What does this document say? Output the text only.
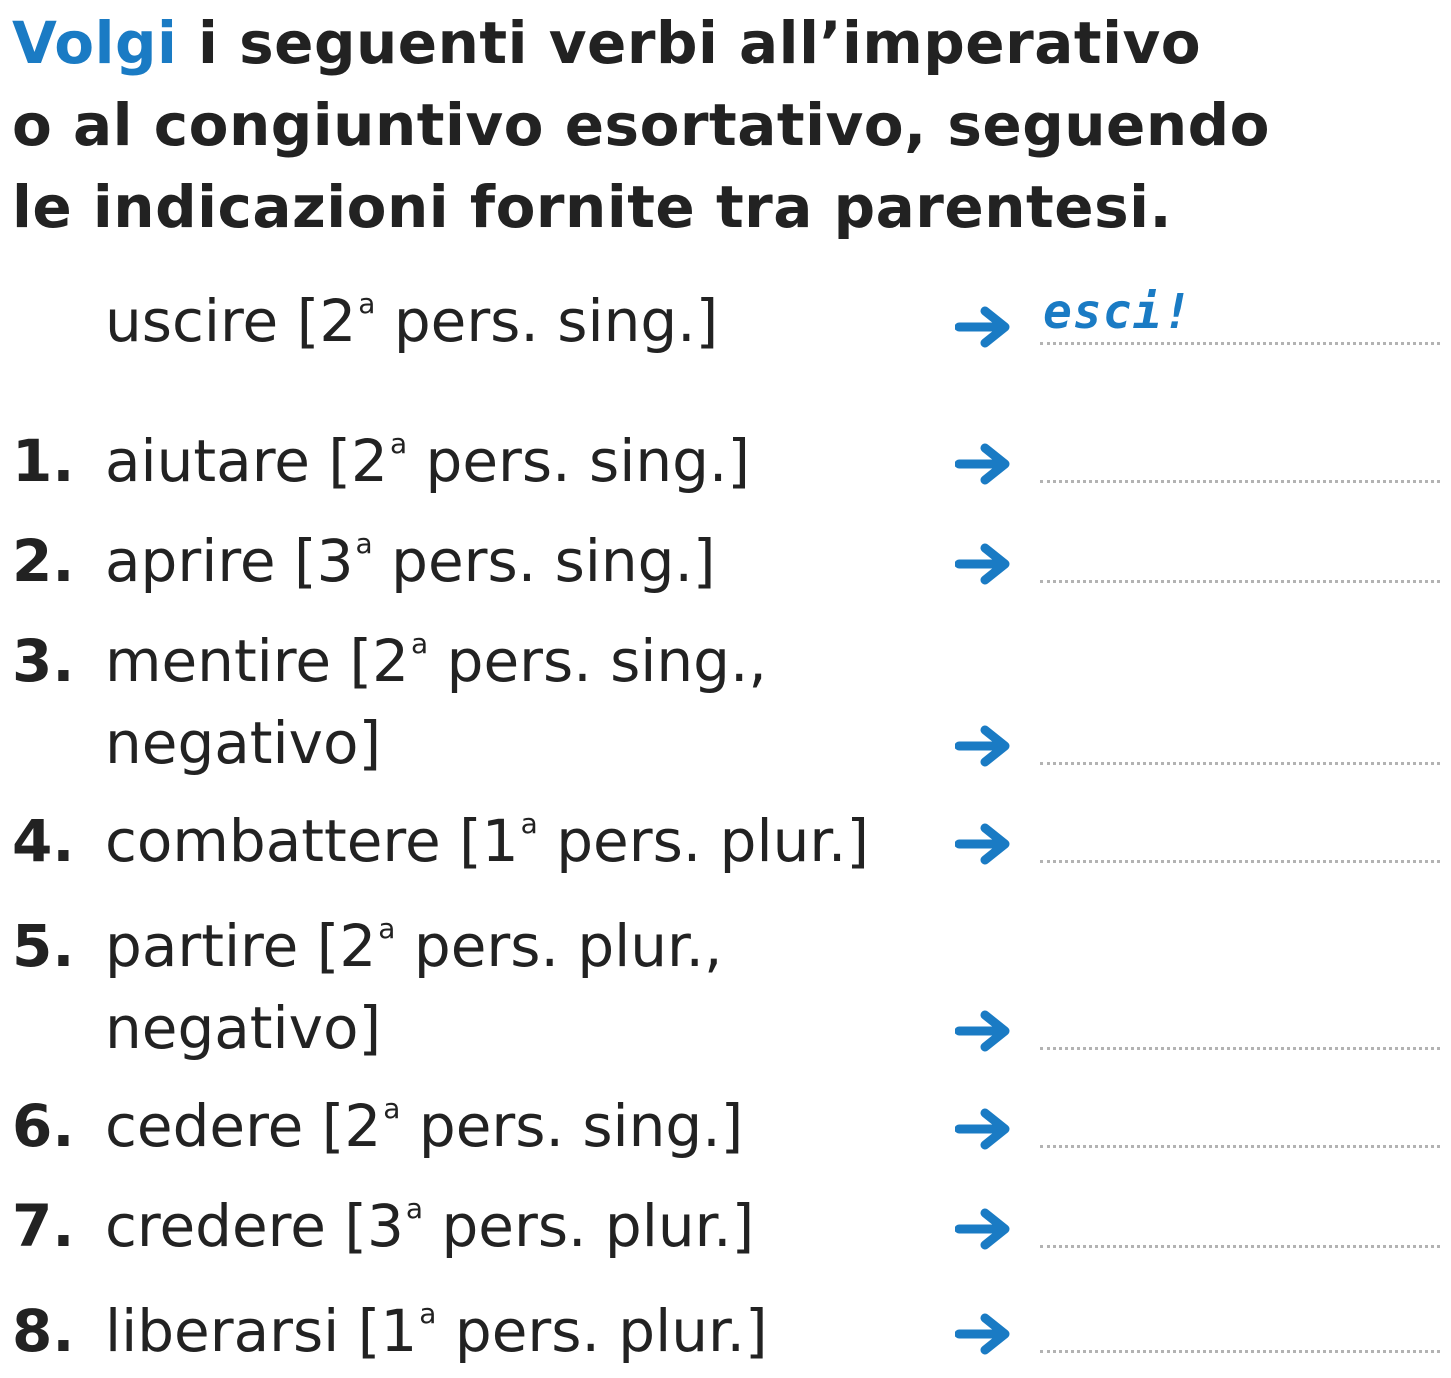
Volgi i seguenti verbi all’imperativo
o al congiuntivo esortativo, seguendo
le indicazioni fornite tra parentesi.
uscire [2$^a$ pers. sing.]	esci!
1. aiutare [2$^a$ pers. sing.]
2. aprire [3$^a$ pers. sing.]
3. mentire [2$^a$ pers. sing.,
negativo]
4. combattere [1$^a$ pers. plur.]
5. partire [2$^a$ pers. plur.,
negativo]
6. cedere [2$^a$ pers. sing.]
7. credere [3$^a$ pers. plur.]
8. liberarsi [1$^a$ pers. plur.]
